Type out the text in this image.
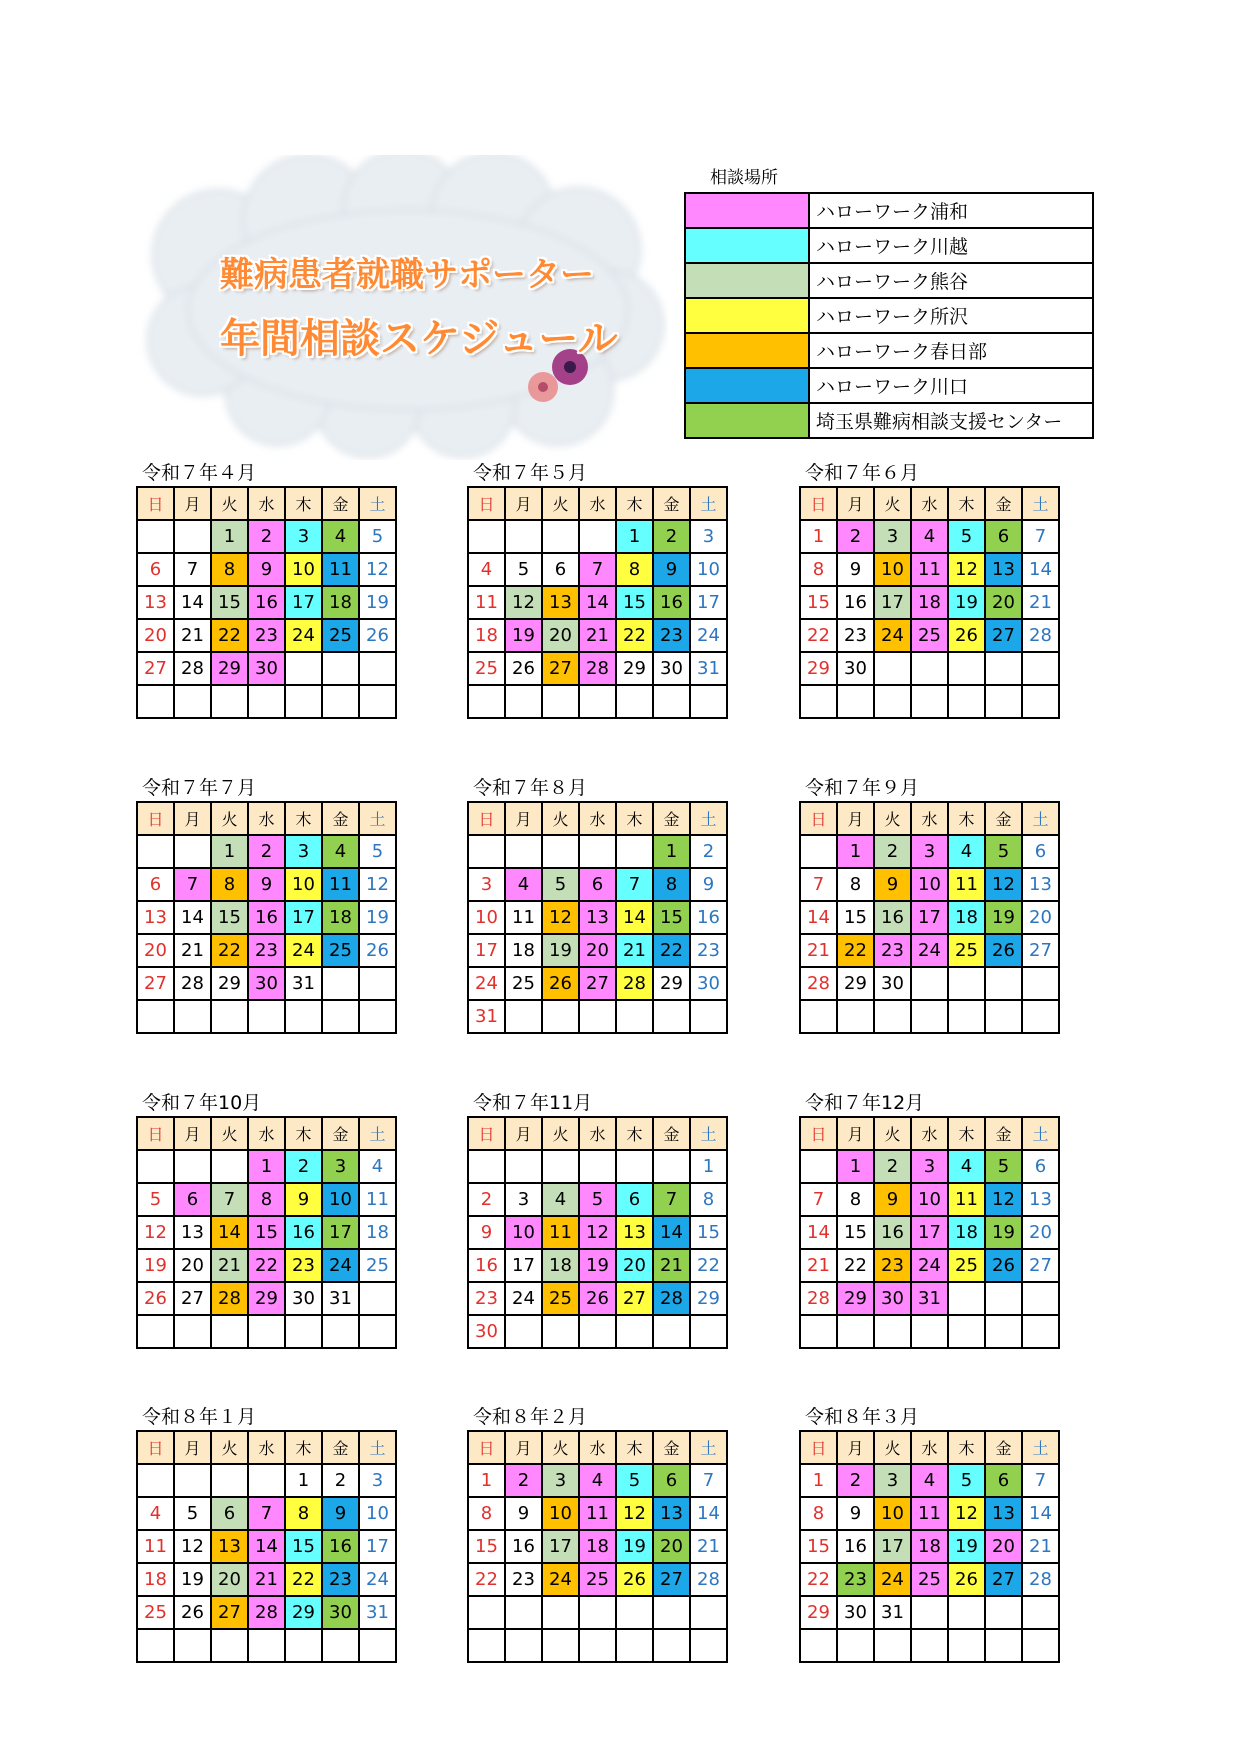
難病患者就職サポーター
年間相談スケジュール
相談場所
	ハローワーク浦和
	ハローワーク川越
	ハローワーク熊谷
	ハローワーク所沢
	ハローワーク春日部
	ハローワーク川口
	埼玉県難病相談支援センター
令和７年４月
日	月	火	水	木	金	土
		1	2	3	4	5
6	7	8	9	10	11	12
13	14	15	16	17	18	19
20	21	22	23	24	25	26
27	28	29	30			

令和７年５月
日	月	火	水	木	金	土
				1	2	3
4	5	6	7	8	9	10
11	12	13	14	15	16	17
18	19	20	21	22	23	24
25	26	27	28	29	30	31

令和７年６月
日	月	火	水	木	金	土
1	2	3	4	5	6	7
8	9	10	11	12	13	14
15	16	17	18	19	20	21
22	23	24	25	26	27	28
29	30					

令和７年７月
日	月	火	水	木	金	土
		1	2	3	4	5
6	7	8	9	10	11	12
13	14	15	16	17	18	19
20	21	22	23	24	25	26
27	28	29	30	31		

令和７年８月
日	月	火	水	木	金	土
					1	2
3	4	5	6	7	8	9
10	11	12	13	14	15	16
17	18	19	20	21	22	23
24	25	26	27	28	29	30
31						
令和７年９月
日	月	火	水	木	金	土
	1	2	3	4	5	6
7	8	9	10	11	12	13
14	15	16	17	18	19	20
21	22	23	24	25	26	27
28	29	30				

令和７年10月
日	月	火	水	木	金	土
			1	2	3	4
5	6	7	8	9	10	11
12	13	14	15	16	17	18
19	20	21	22	23	24	25
26	27	28	29	30	31	

令和７年11月
日	月	火	水	木	金	土
						1
2	3	4	5	6	7	8
9	10	11	12	13	14	15
16	17	18	19	20	21	22
23	24	25	26	27	28	29
30						
令和７年12月
日	月	火	水	木	金	土
	1	2	3	4	5	6
7	8	9	10	11	12	13
14	15	16	17	18	19	20
21	22	23	24	25	26	27
28	29	30	31			

令和８年１月
日	月	火	水	木	金	土
				1	2	3
4	5	6	7	8	9	10
11	12	13	14	15	16	17
18	19	20	21	22	23	24
25	26	27	28	29	30	31

令和８年２月
日	月	火	水	木	金	土
1	2	3	4	5	6	7
8	9	10	11	12	13	14
15	16	17	18	19	20	21
22	23	24	25	26	27	28

令和８年３月
日	月	火	水	木	金	土
1	2	3	4	5	6	7
8	9	10	11	12	13	14
15	16	17	18	19	20	21
22	23	24	25	26	27	28
29	30	31				
